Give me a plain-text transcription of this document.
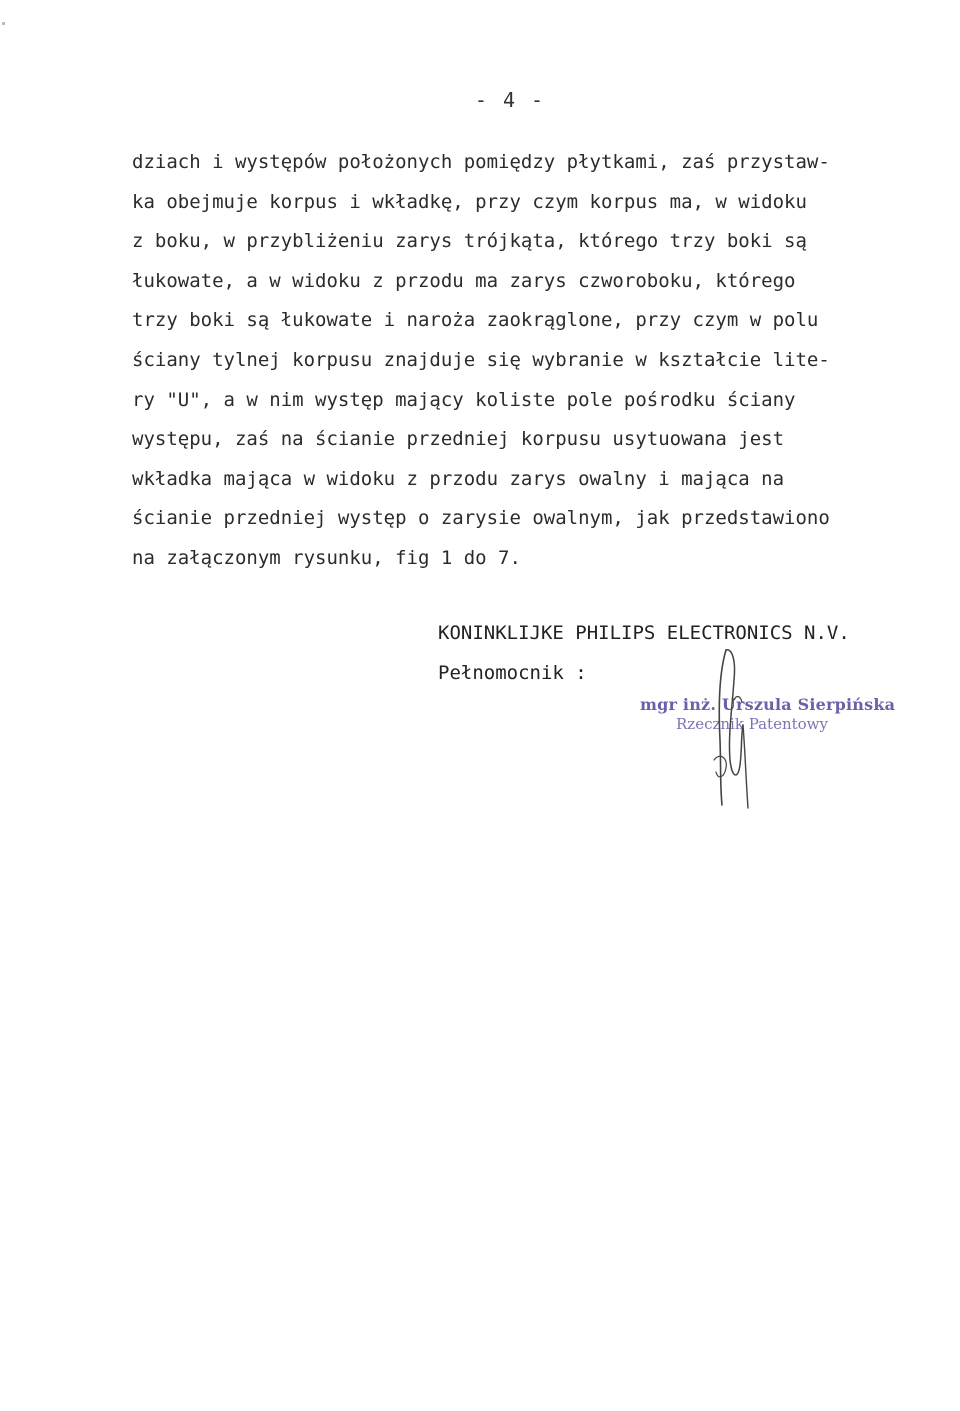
- 4 -
dziach i występów położonych pomiędzy płytkami, zaś przystaw-
ka obejmuje korpus i wkładkę, przy czym korpus ma, w widoku
z boku, w przybliżeniu zarys trójkąta, którego trzy boki są
łukowate, a w widoku z przodu ma zarys czworoboku, którego
trzy boki są łukowate i naroża zaokrąglone, przy czym w polu
ściany tylnej korpusu znajduje się wybranie w kształcie lite-
ry "U", a w nim występ mający koliste pole pośrodku ściany
występu, zaś na ścianie przedniej korpusu usytuowana jest
wkładka mająca w widoku z przodu zarys owalny i mająca na
ścianie przedniej występ o zarysie owalnym, jak przedstawiono
na załączonym rysunku, fig 1 do 7.
KONINKLIJKE PHILIPS ELECTRONICS N.V.
Pełnomocnik :
mgr inż. Urszula Sierpińska
Rzecznik Patentowy
